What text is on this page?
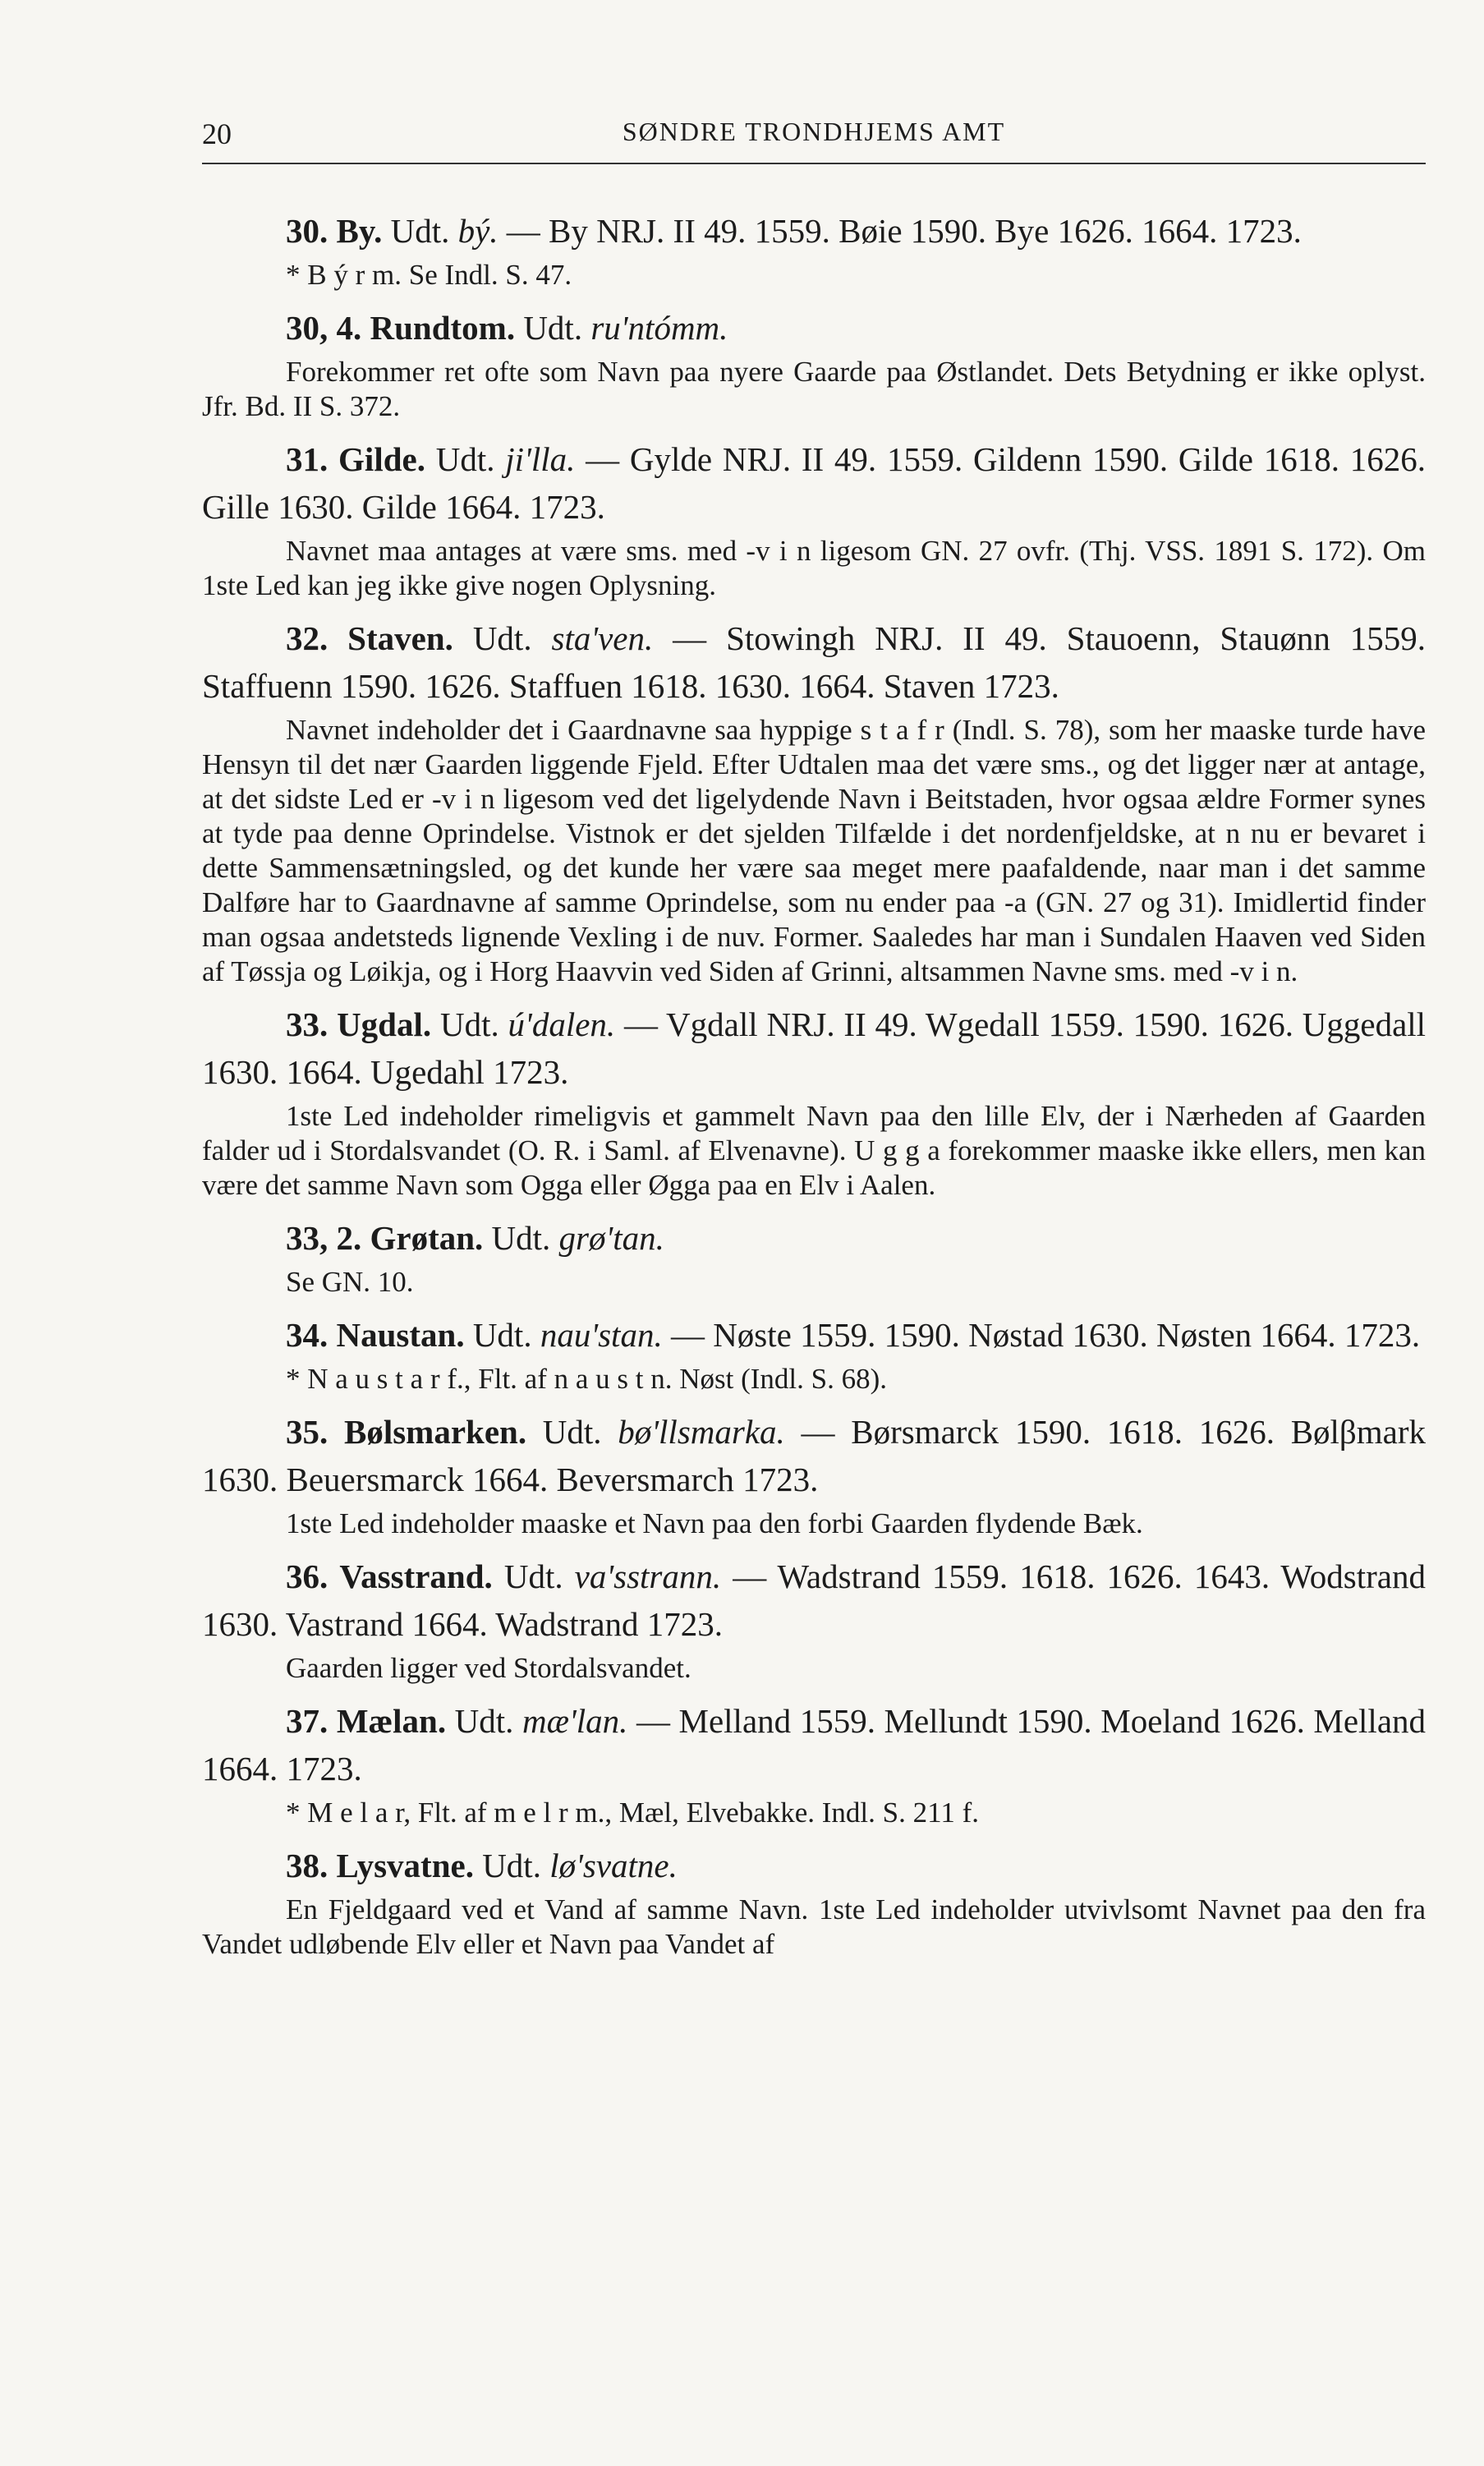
20	SØNDRE TRONDHJEMS AMT

30. By. Udt. bý. — By NRJ. II 49. 1559. Bøie 1590. Bye 1626. 1664. 1723.

* B ý r m. Se Indl. S. 47.

30, 4. Rundtom. Udt. ru'ntómm.

Forekommer ret ofte som Navn paa nyere Gaarde paa Østlandet. Dets Betydning er ikke oplyst. Jfr. Bd. II S. 372.

31. Gilde. Udt. ji'lla. — Gylde NRJ. II 49. 1559. Gildenn 1590. Gilde 1618. 1626. Gille 1630. Gilde 1664. 1723.

Navnet maa antages at være sms. med -v i n ligesom GN. 27 ovfr. (Thj. VSS. 1891 S. 172). Om 1ste Led kan jeg ikke give nogen Oplysning.

32. Staven. Udt. sta'ven. — Stowingh NRJ. II 49. Stauoenn, Stauønn 1559. Staffuenn 1590. 1626. Staffuen 1618. 1630. 1664. Staven 1723.

Navnet indeholder det i Gaardnavne saa hyppige s t a f r (Indl. S. 78), som her maaske turde have Hensyn til det nær Gaarden liggende Fjeld. Efter Udtalen maa det være sms., og det ligger nær at antage, at det sidste Led er -v i n ligesom ved det ligelydende Navn i Beitstaden, hvor ogsaa ældre Former synes at tyde paa denne Oprindelse. Vistnok er det sjelden Tilfælde i det nordenfjeldske, at n nu er bevaret i dette Sammensætningsled, og det kunde her være saa meget mere paafaldende, naar man i det samme Dalføre har to Gaardnavne af samme Oprindelse, som nu ender paa -a (GN. 27 og 31). Imidlertid finder man ogsaa andetsteds lignende Vexling i de nuv. Former. Saaledes har man i Sundalen Haaven ved Siden af Tøssja og Løikja, og i Horg Haavvin ved Siden af Grinni, altsammen Navne sms. med -v i n.

33. Ugdal. Udt. ú'dalen. — Vgdall NRJ. II 49. Wgedall 1559. 1590. 1626. Uggedall 1630. 1664. Ugedahl 1723.

1ste Led indeholder rimeligvis et gammelt Navn paa den lille Elv, der i Nærheden af Gaarden falder ud i Stordalsvandet (O. R. i Saml. af Elvenavne). U g g a forekommer maaske ikke ellers, men kan være det samme Navn som Ogga eller Øgga paa en Elv i Aalen.

33, 2. Grøtan. Udt. grø'tan.

Se GN. 10.

34. Naustan. Udt. nau'stan. — Nøste 1559. 1590. Nøstad 1630. Nøsten 1664. 1723.

* N a u s t a r f., Flt. af n a u s t n. Nøst (Indl. S. 68).

35. Bølsmarken. Udt. bø'llsmarka. — Børsmarck 1590. 1618. 1626. Bølβmark 1630. Beuersmarck 1664. Beversmarch 1723.

1ste Led indeholder maaske et Navn paa den forbi Gaarden flydende Bæk.

36. Vasstrand. Udt. va'sstrann. — Wadstrand 1559. 1618. 1626. 1643. Wodstrand 1630. Vastrand 1664. Wadstrand 1723.

Gaarden ligger ved Stordalsvandet.

37. Mælan. Udt. mæ'lan. — Melland 1559. Mellundt 1590. Moeland 1626. Melland 1664. 1723.

* M e l a r, Flt. af m e l r m., Mæl, Elvebakke. Indl. S. 211 f.

38. Lysvatne. Udt. lø'svatne.

En Fjeldgaard ved et Vand af samme Navn. 1ste Led indeholder utvivlsomt Navnet paa den fra Vandet udløbende Elv eller et Navn paa Vandet af
